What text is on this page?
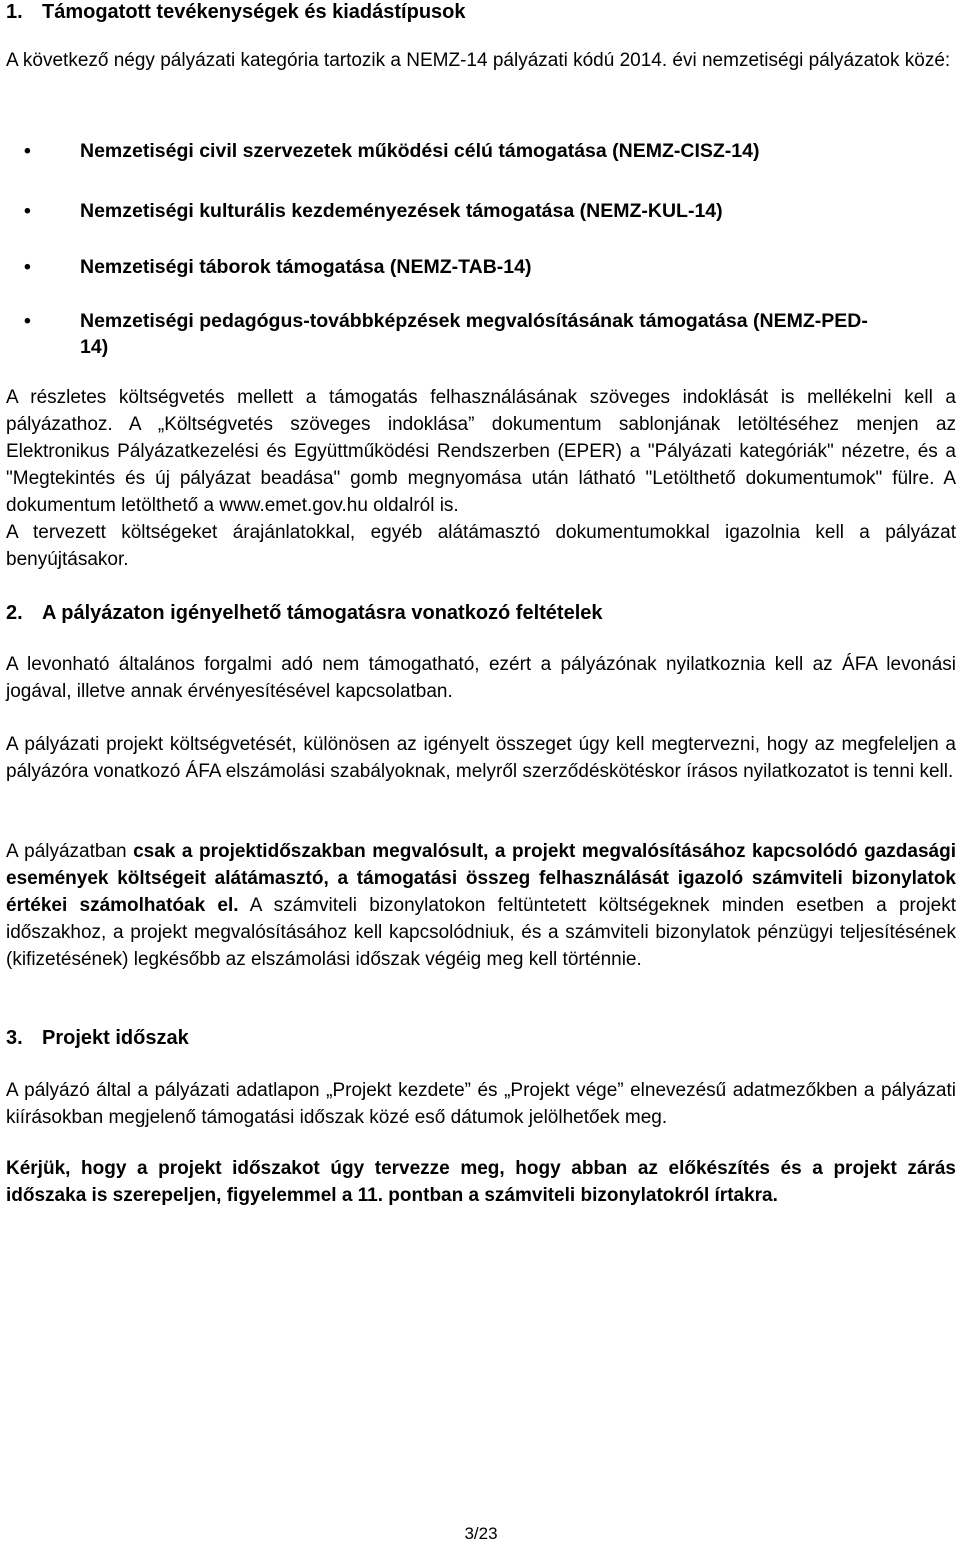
1. Támogatott tevékenységek és kiadástípusok
A következő négy pályázati kategória tartozik a NEMZ-14 pályázati kódú 2014. évi nemzetiségi pályázatok közé:
•	Nemzetiségi civil szervezetek működési célú támogatása (NEMZ-CISZ-14)
•	Nemzetiségi kulturális kezdeményezések támogatása (NEMZ-KUL-14)
•	Nemzetiségi táborok támogatása (NEMZ-TAB-14)
•	Nemzetiségi pedagógus-továbbképzések megvalósításának támogatása (NEMZ-PED-14)
A részletes költségvetés mellett a támogatás felhasználásának szöveges indoklását is mellékelni kell a pályázathoz. A „Költségvetés szöveges indoklása” dokumentum sablonjának letöltéséhez menjen az Elektronikus Pályázatkezelési és Együttműködési Rendszerben (EPER) a "Pályázati kategóriák" nézetre, és a "Megtekintés és új pályázat beadása" gomb megnyomása után látható "Letölthető dokumentumok" fülre. A dokumentum letölthető a www.emet.gov.hu oldalról is.
A tervezett költségeket árajánlatokkal, egyéb alátámasztó dokumentumokkal igazolnia kell a pályázat benyújtásakor.
2. A pályázaton igényelhető támogatásra vonatkozó feltételek
A levonható általános forgalmi adó nem támogatható, ezért a pályázónak nyilatkoznia kell az ÁFA levonási jogával, illetve annak érvényesítésével kapcsolatban.
A pályázati projekt költségvetését, különösen az igényelt összeget úgy kell megtervezni, hogy az megfeleljen a pályázóra vonatkozó ÁFA elszámolási szabályoknak, melyről szerződéskötéskor írásos nyilatkozatot is tenni kell.
A pályázatban csak a projektidőszakban megvalósult, a projekt megvalósításához kapcsolódó gazdasági események költségeit alátámasztó, a támogatási összeg felhasználását igazoló számviteli bizonylatok értékei számolhatóak el. A számviteli bizonylatokon feltüntetett költségeknek minden esetben a projekt időszakhoz, a projekt megvalósításához kell kapcsolódniuk, és a számviteli bizonylatok pénzügyi teljesítésének (kifizetésének) legkésőbb az elszámolási időszak végéig meg kell történnie.
3. Projekt időszak
A pályázó által a pályázati adatlapon „Projekt kezdete” és „Projekt vége” elnevezésű adatmezőkben a pályázati kiírásokban megjelenő támogatási időszak közé eső dátumok jelölhetőek meg.
Kérjük, hogy a projekt időszakot úgy tervezze meg, hogy abban az előkészítés és a projekt zárás időszaka is szerepeljen, figyelemmel a 11. pontban a számviteli bizonylatokról írtakra.
3/23
